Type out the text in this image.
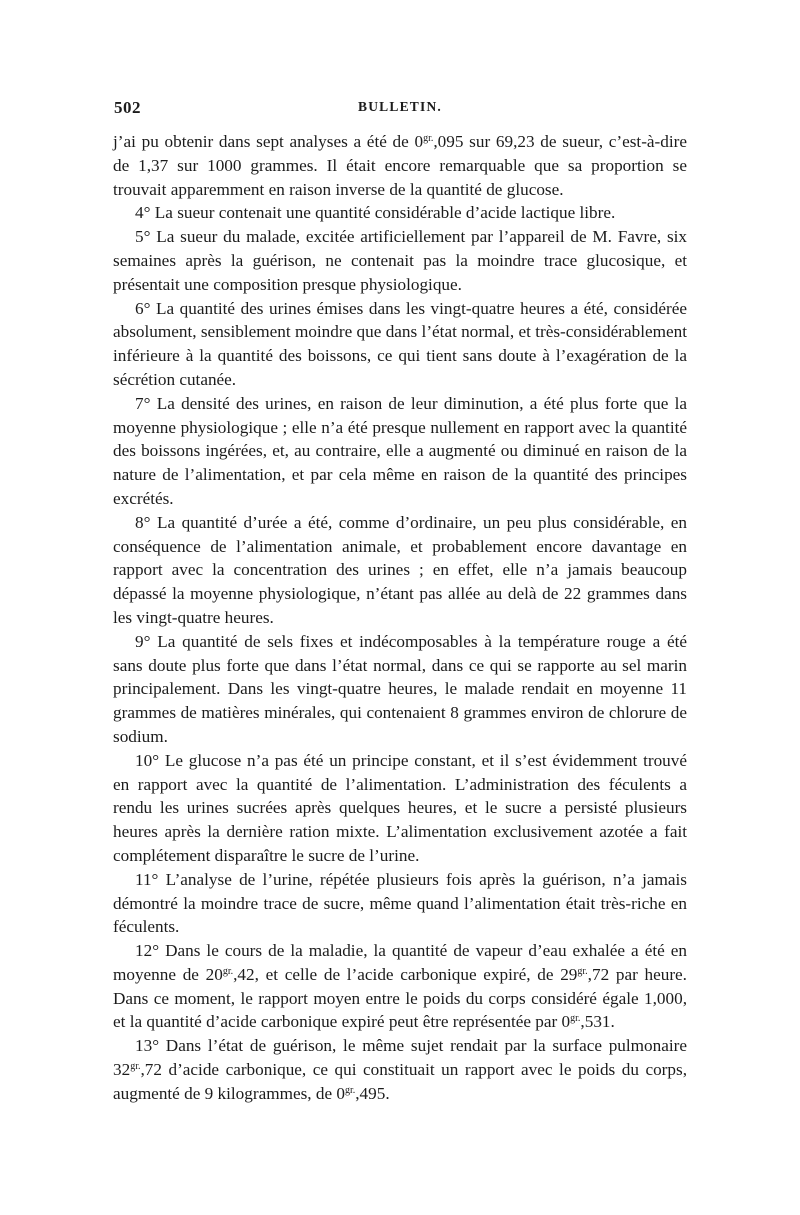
502	BULLETIN.

j’ai pu obtenir dans sept analyses a été de $0^{gr.},095$ sur 69,23 de sueur, c’est-à-dire de 1,37 sur 1000 grammes. Il était encore remarquable que sa proportion se trouvait apparemment en raison inverse de la quantité de glucose.

4° La sueur contenait une quantité considérable d’acide lactique libre.

5° La sueur du malade, excitée artificiellement par l’appareil de M. Favre, six semaines après la guérison, ne contenait pas la moindre trace glucosique, et présentait une composition presque physiologique.

6° La quantité des urines émises dans les vingt-quatre heures a été, considérée absolument, sensiblement moindre que dans l’état normal, et très-considérablement inférieure à la quantité des boissons, ce qui tient sans doute à l’exagération de la sécrétion cutanée.

7° La densité des urines, en raison de leur diminution, a été plus forte que la moyenne physiologique ; elle n’a été presque nullement en rapport avec la quantité des boissons ingérées, et, au contraire, elle a augmenté ou diminué en raison de la nature de l’alimentation, et par cela même en raison de la quantité des principes excrétés.

8° La quantité d’urée a été, comme d’ordinaire, un peu plus considérable, en conséquence de l’alimentation animale, et probablement encore davantage en rapport avec la concentration des urines ; en effet, elle n’a jamais beaucoup dépassé la moyenne physiologique, n’étant pas allée au delà de 22 grammes dans les vingt-quatre heures.

9° La quantité de sels fixes et indécomposables à la température rouge a été sans doute plus forte que dans l’état normal, dans ce qui se rapporte au sel marin principalement. Dans les vingt-quatre heures, le malade rendait en moyenne 11 grammes de matières minérales, qui contenaient 8 grammes environ de chlorure de sodium.

10° Le glucose n’a pas été un principe constant, et il s’est évidemment trouvé en rapport avec la quantité de l’alimentation. L’administration des féculents a rendu les urines sucrées après quelques heures, et le sucre a persisté plusieurs heures après la dernière ration mixte. L’alimentation exclusivement azotée a fait complétement disparaître le sucre de l’urine.

11° L’analyse de l’urine, répétée plusieurs fois après la guérison, n’a jamais démontré la moindre trace de sucre, même quand l’alimentation était très-riche en féculents.

12° Dans le cours de la maladie, la quantité de vapeur d’eau exhalée a été en moyenne de $20^{gr.},42$, et celle de l’acide carbonique expiré, de $29^{gr.},72$ par heure. Dans ce moment, le rapport moyen entre le poids du corps considéré égale 1,000, et la quantité d’acide carbonique expiré peut être représentée par $0^{gr.},531$.

13° Dans l’état de guérison, le même sujet rendait par la surface pulmonaire $32^{gr.},72$ d’acide carbonique, ce qui constituait un rapport avec le poids du corps, augmenté de 9 kilogrammes, de $0^{gr.},495$.
